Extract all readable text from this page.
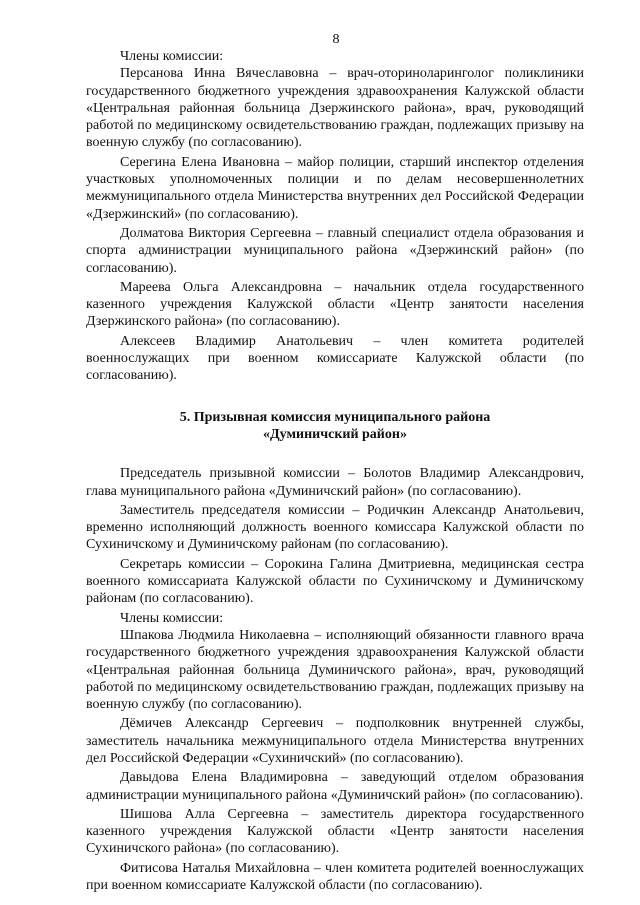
8

Члены комиссии:

Персанова Инна Вячеславовна – врач-оториноларинголог поликлиники государственного бюджетного учреждения здравоохранения Калужской области «Центральная районная больница Дзержинского района», врач, руководящий работой по медицинскому освидетельствованию граждан, подлежащих призыву на военную службу (по согласованию).

Серегина Елена Ивановна – майор полиции, старший инспектор отделения участковых уполномоченных полиции и по делам несовершеннолетних межмуниципального отдела Министерства внутренних дел Российской Федерации «Дзержинский» (по согласованию).

Долматова Виктория Сергеевна – главный специалист отдела образования и спорта администрации муниципального района «Дзержинский район» (по согласованию).

Мареева Ольга Александровна – начальник отдела государственного казенного учреждения Калужской области «Центр занятости населения Дзержинского района» (по согласованию).

Алексеев Владимир Анатольевич – член комитета родителей военнослужащих при военном комиссариате Калужской области (по согласованию).

5. Призывная комиссия муниципального района
«Думиничский район»

Председатель призывной комиссии – Болотов Владимир Александрович, глава муниципального района «Думиничский район» (по согласованию).

Заместитель председателя комиссии – Родичкин Александр Анатольевич, временно исполняющий должность военного комиссара Калужской области по Сухиничскому и Думиничскому районам (по согласованию).

Секретарь комиссии – Сорокина Галина Дмитриевна, медицинская сестра военного комиссариата Калужской области по Сухиничскому и Думиничскому районам (по согласованию).

Члены комиссии:

Шпакова Людмила Николаевна – исполняющий обязанности главного врача государственного бюджетного учреждения здравоохранения Калужской области «Центральная районная больница Думиничского района», врач, руководящий работой по медицинскому освидетельствованию граждан, подлежащих призыву на военную службу (по согласованию).

Дёмичев Александр Сергеевич – подполковник внутренней службы, заместитель начальника межмуниципального отдела Министерства внутренних дел Российской Федерации «Сухиничский» (по согласованию).

Давыдова Елена Владимировна – заведующий отделом образования администрации муниципального района «Думиничский район» (по согласованию).

Шишова Алла Сергеевна – заместитель директора государственного казенного учреждения Калужской области «Центр занятости населения Сухиничского района» (по согласованию).

Фитисова Наталья Михайловна – член комитета родителей военнослужащих при военном комиссариате Калужской области (по согласованию).
